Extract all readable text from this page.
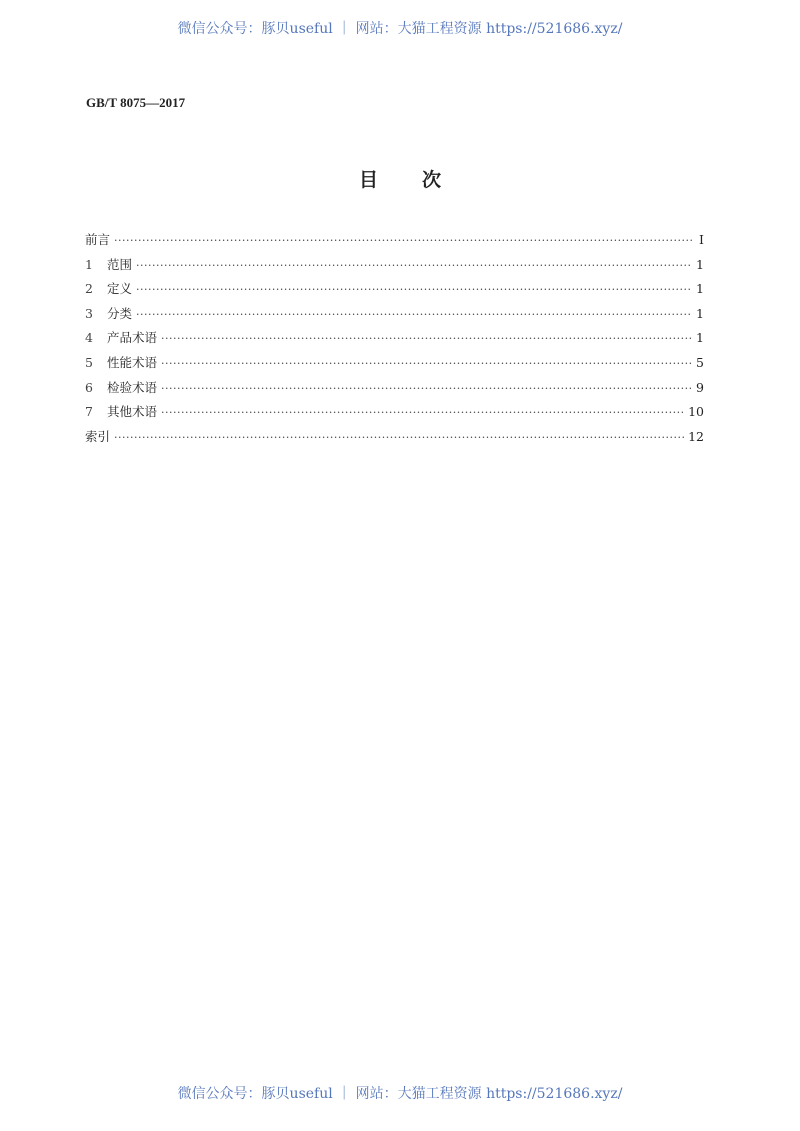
微信公众号：豚贝useful ｜ 网站：大猫工程资源 https://521686.xyz/
GB/T 8075—2017
目次
前言 ·····	Ⅰ
1	范围 ·····	1
2	定义 ·····	1
3	分类 ·····	1
4	产品术语 ·····	1
5	性能术语 ·····	5
6	检验术语 ·····	9
7	其他术语 ·····	10
索引 ·····	12
微信公众号：豚贝useful ｜ 网站：大猫工程资源 https://521686.xyz/
